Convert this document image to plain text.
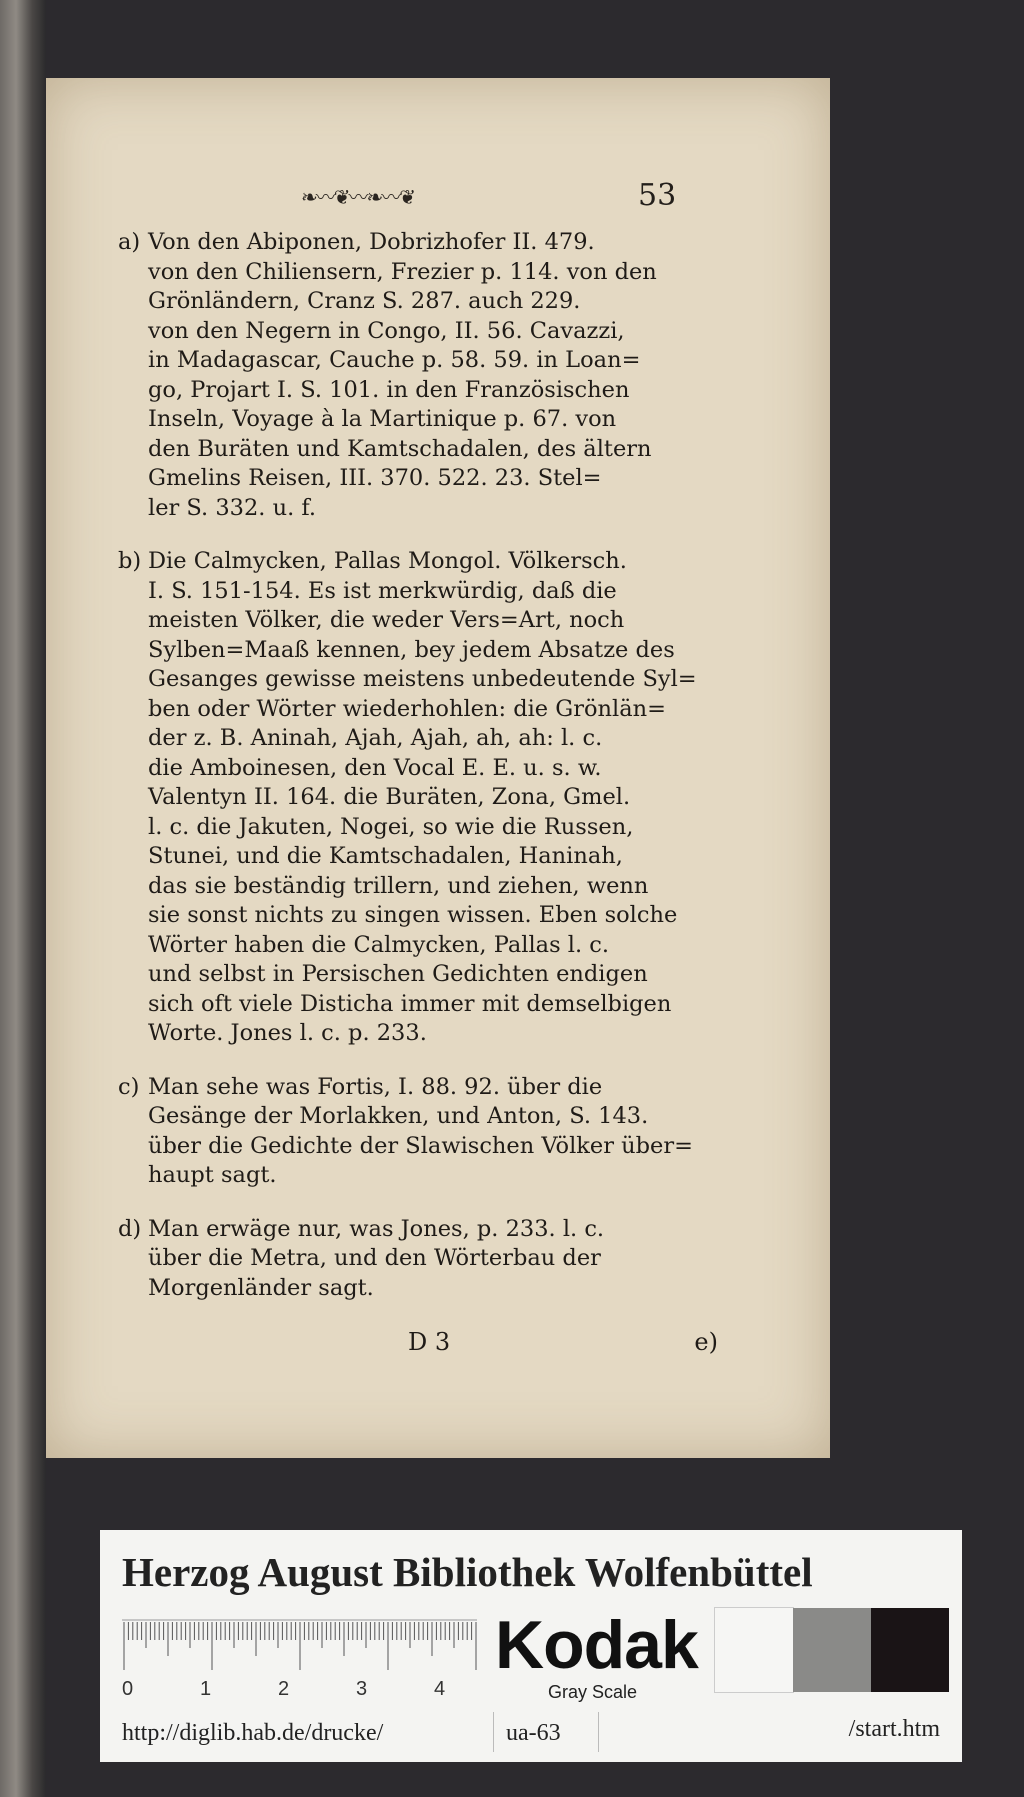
❧〰❦〰❧〰❦	53
a) Von den Abiponen, Dobrizhofer II. 479.
von den Chiliensern, Frezier p. 114. von den
Grönländern, Cranz S. 287. auch 229.
von den Negern in Congo, II. 56. Cavazzi,
in Madagascar, Cauche p. 58. 59. in Loan=
go, Projart I. S. 101. in den Französischen
Inseln, Voyage à la Martinique p. 67. von
den Buräten und Kamtschadalen, des ältern
Gmelins Reisen, III. 370. 522. 23. Stel=
ler S. 332. u. f.
b) Die Calmycken, Pallas Mongol. Völkersch.
I. S. 151-154. Es ist merkwürdig, daß die
meisten Völker, die weder Vers=Art, noch
Sylben=Maaß kennen, bey jedem Absatze des
Gesanges gewisse meistens unbedeutende Syl=
ben oder Wörter wiederhohlen: die Grönlän=
der z. B. Aninah, Ajah, Ajah, ah, ah: l. c.
die Amboinesen, den Vocal E. E. u. s. w.
Valentyn II. 164. die Buräten, Zona, Gmel.
l. c. die Jakuten, Nogei, so wie die Russen,
Stunei, und die Kamtschadalen, Haninah,
das sie beständig trillern, und ziehen, wenn
sie sonst nichts zu singen wissen. Eben solche
Wörter haben die Calmycken, Pallas l. c.
und selbst in Persischen Gedichten endigen
sich oft viele Distichа immer mit demselbigen
Worte. Jones l. c. p. 233.
c) Man sehe was Fortis, I. 88. 92. über die
Gesänge der Morlakken, und Anton, S. 143.
über die Gedichte der Slawischen Völker über=
haupt sagt.
d) Man erwäge nur, was Jones, p. 233. l. c.
über die Metra, und den Wörterbau der
Morgenländer sagt.
D 3	e)
Herzog August Bibliothek Wolfenbüttel
0	1	2	3	4
Kodak
Gray Scale
http://diglib.hab.de/drucke/	ua-63	/start.htm
